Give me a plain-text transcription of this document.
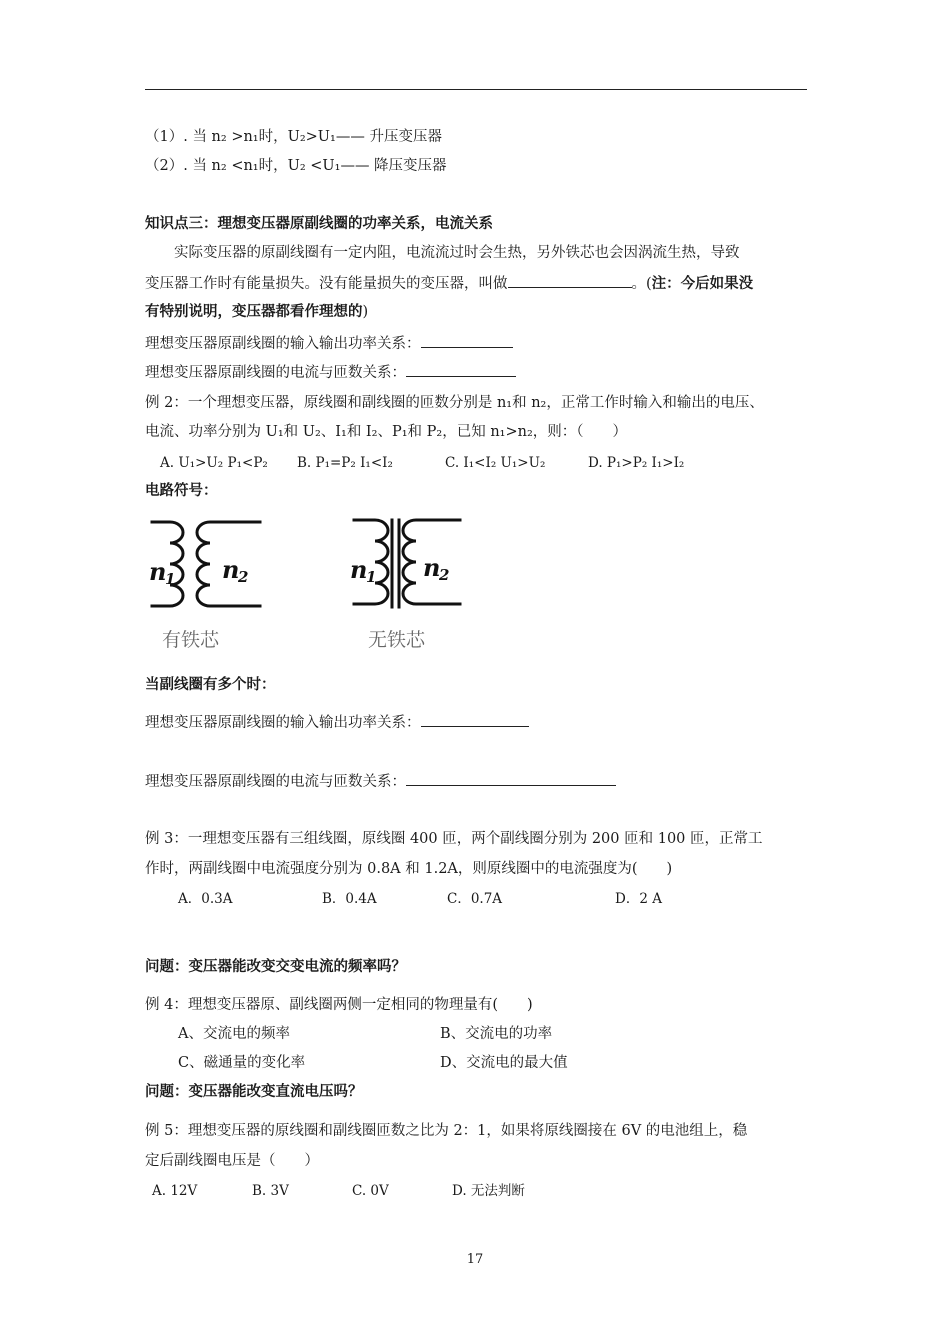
（1）. 当 n₂ >n₁时，U₂>U₁—— 升压变压器
（2）. 当 n₂ <n₁时，U₂ <U₁—— 降压变压器
知识点三：理想变压器原副线圈的功率关系，电流关系
实际变压器的原副线圈有一定内阻，电流流过时会生热，另外铁芯也会因涡流生热，导致
变压器工作时有能量损失。没有能量损失的变压器，叫做	。(注：今后如果没
有特别说明，变压器都看作理想的)
理想变压器原副线圈的输入输出功率关系：
理想变压器原副线圈的电流与匝数关系：
例 2：一个理想变压器，原线圈和副线圈的匝数分别是 n₁和 n₂，正常工作时输入和输出的电压、
电流、功率分别为 U₁和 U₂、I₁和 I₂、P₁和 P₂，已知 n₁>n₂，则：（　　）
A. U₁>U₂ P₁<P₂ B. P₁=P₂ I₁<I₂	C. I₁<I₂ U₁>U₂	D. P₁>P₂ I₁>I₂
电路符号：
n
1 n
2	n
1 n
2
有铁芯	无铁芯
当副线圈有多个时：
理想变压器原副线圈的输入输出功率关系：
理想变压器原副线圈的电流与匝数关系：
例 3：一理想变压器有三组线圈，原线圈 400 匝，两个副线圈分别为 200 匝和 100 匝，正常工
作时，两副线圈中电流强度分别为 0.8A 和 1.2A，则原线圈中的电流强度为(　　)
A．0.3A	B．0.4A	C．0.7A	D．2 A
问题：变压器能改变交变电流的频率吗？
例 4：理想变压器原、副线圈两侧一定相同的物理量有(　　)
A、交流电的频率	B、交流电的功率
C、磁通量的变化率	D、交流电的最大值
问题：变压器能改变直流电压吗？
例 5：理想变压器的原线圈和副线圈匝数之比为 2：1，如果将原线圈接在 6V 的电池组上，稳
定后副线圈电压是（　　）
A. 12V	B. 3V	C. 0V	D. 无法判断
17
